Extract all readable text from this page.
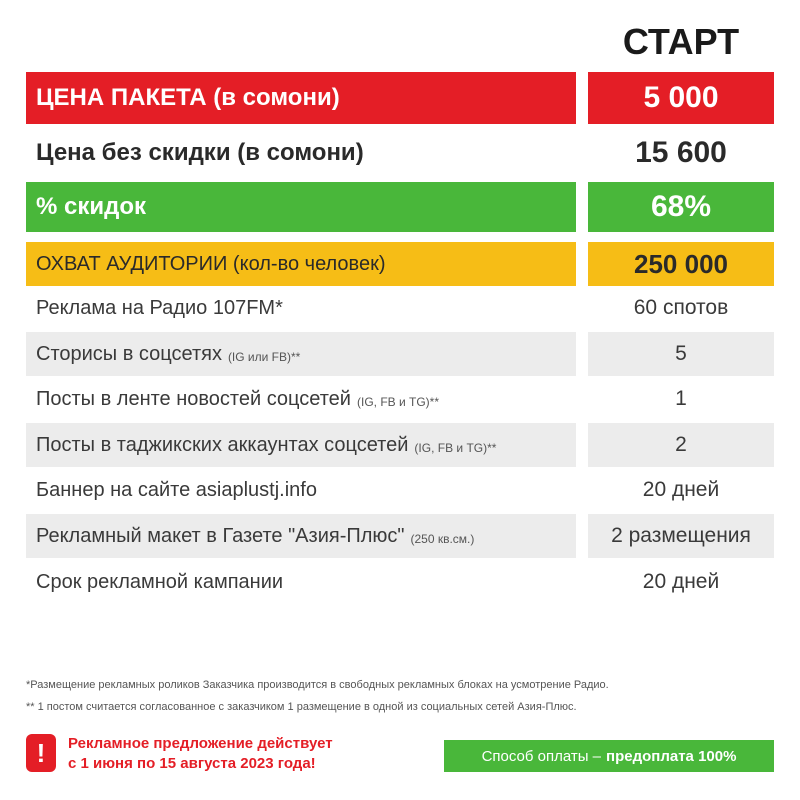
СТАРТ
ЦЕНА ПАКЕТА (в сомони)	5 000
Цена без скидки (в сомони)	15 600
% скидок	68%
ОХВАТ АУДИТОРИИ (кол-во человек)	250 000
Реклама на Радио 107FM*	60 спотов
Сторисы в соцсетях (IG или FB)**	5
Посты в ленте новостей соцсетей (IG, FB и TG)**	1
Посты в таджикских аккаунтах соцсетей (IG, FB и TG)**	2
Баннер на сайте asiaplustj.info	20 дней
Рекламный макет в Газете "Азия-Плюс" (250 кв.см.)	2 размещения
Срок рекламной кампании	20 дней
*Размещение рекламных роликов Заказчика производится в свободных рекламных блоках на усмотрение Радио.
** 1 постом считается согласованное с заказчиком 1 размещение в одной из социальных сетей Азия-Плюс.
!	Рекламное предложение действует
с 1 июня по 15 августа 2023 года!	Способ оплаты – предоплата 100%
